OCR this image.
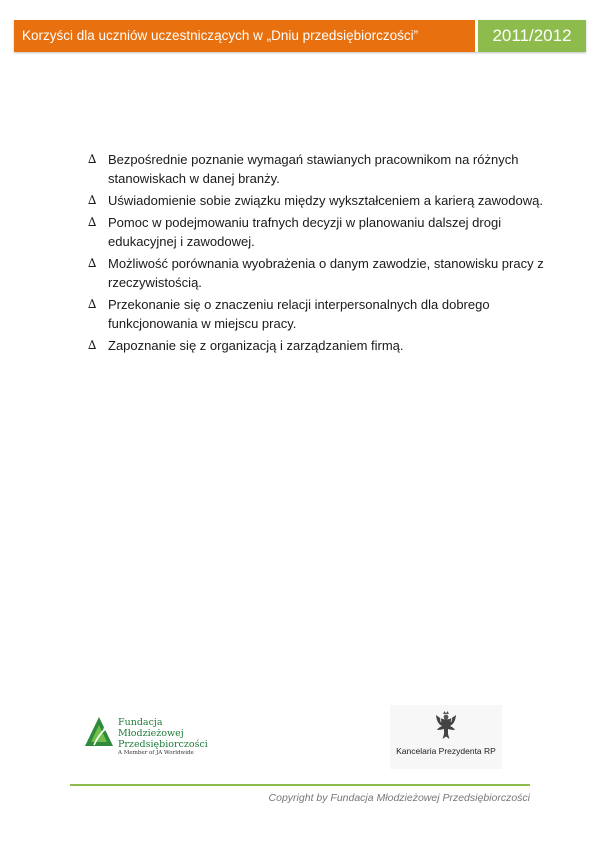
Korzyści dla uczniów uczestniczących w „Dniu przedsiębiorczości”	2011/2012
∆ Bezpośrednie poznanie wymagań stawianych pracownikom na różnych stanowiskach w danej branży.
∆ Uświadomienie sobie związku między wykształceniem a karierą zawodową.
∆ Pomoc w podejmowaniu trafnych decyzji w planowaniu dalszej drogi edukacyjnej i zawodowej.
∆ Możliwość porównania wyobrażenia o danym zawodzie, stanowisku pracy z rzeczywistością.
∆ Przekonanie się o znaczeniu relacji interpersonalnych dla dobrego funkcjonowania w miejscu pracy.
∆ Zapoznanie się z organizacją i zarządzaniem firmą.
Fundacja
Młodzieżowej
Przedsiębiorczości
A Member of JA Worldwide	Kancelaria Prezydenta RP
Copyright by Fundacja Młodzieżowej Przedsiębiorczości
